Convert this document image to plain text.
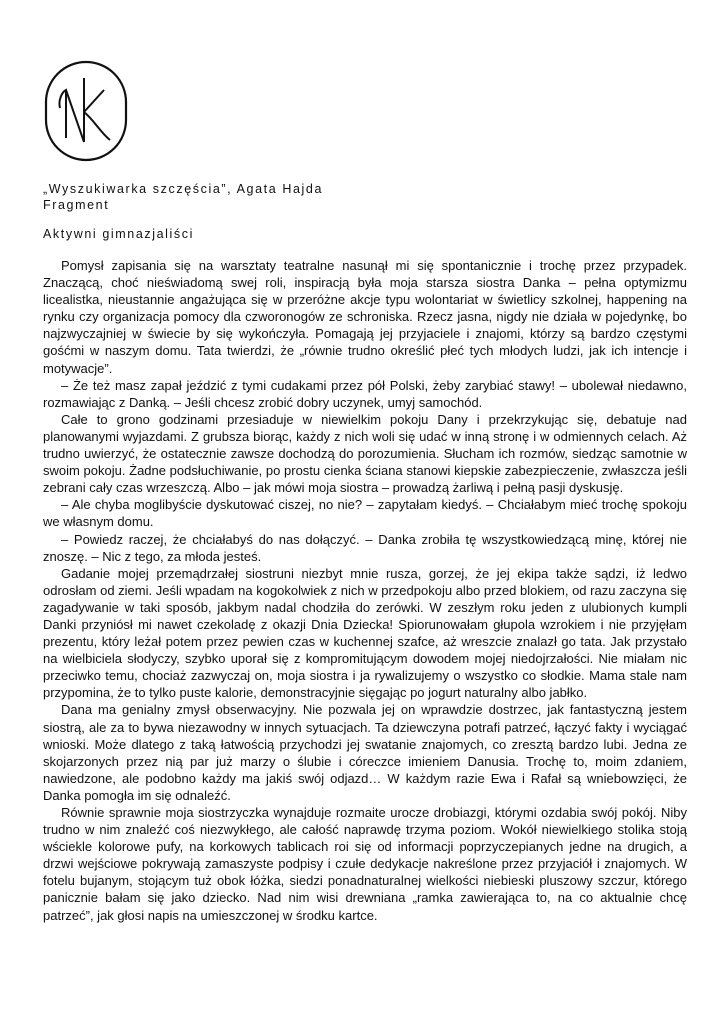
„Wyszukiwarka szczęścia”, Agata Hajda
Fragment
Aktywni gimnazjaliści

Pomysł zapisania się na warsztaty teatralne nasunął mi się spontanicznie i trochę przez przypadek. Znaczącą, choć nieświadomą swej roli, inspiracją była moja starsza siostra Danka – pełna optymizmu licealistka, nieustannie angażująca się w przeróżne akcje typu wolontariat w świetlicy szkolnej, happening na rynku czy organizacja pomocy dla czworonogów ze schroniska. Rzecz jasna, nigdy nie działa w pojedynkę, bo najzwyczajniej w świecie by się wykończyła. Pomagają jej przyjaciele i znajomi, którzy są bardzo częstymi gośćmi w naszym domu. Tata twierdzi, że „równie trudno określić płeć tych młodych ludzi, jak ich intencje i motywacje”.

– Że też masz zapał jeździć z tymi cudakami przez pół Polski, żeby zarybiać stawy! – ubolewał niedawno, rozmawiając z Danką. – Jeśli chcesz zrobić dobry uczynek, umyj samochód.

Całe to grono godzinami przesiaduje w niewielkim pokoju Dany i przekrzykując się, debatuje nad planowanymi wyjazdami. Z grubsza biorąc, każdy z nich woli się udać w inną stronę i w odmiennych celach. Aż trudno uwierzyć, że ostatecznie zawsze dochodzą do porozumienia. Słucham ich rozmów, siedząc samotnie w swoim pokoju. Żadne podsłuchiwanie, po prostu cienka ściana stanowi kiepskie zabezpieczenie, zwłaszcza jeśli zebrani cały czas wrzeszczą. Albo – jak mówi moja siostra – prowadzą żarliwą i pełną pasji dyskusję.

– Ale chyba moglibyście dyskutować ciszej, no nie? – zapytałam kiedyś. – Chciałabym mieć trochę spokoju we własnym domu.

– Powiedz raczej, że chciałabyś do nas dołączyć. – Danka zrobiła tę wszystkowiedzącą minę, której nie znoszę. – Nic z tego, za młoda jesteś.

Gadanie mojej przemądrzałej siostruni niezbyt mnie rusza, gorzej, że jej ekipa także sądzi, iż ledwo odrosłam od ziemi. Jeśli wpadam na kogokolwiek z nich w przedpokoju albo przed blokiem, od razu zaczyna się zagadywanie w taki sposób, jakbym nadal chodziła do zerówki. W zeszłym roku jeden z ulubionych kumpli Danki przyniósł mi nawet czekoladę z okazji Dnia Dziecka! Spiorunowałam głupola wzrokiem i nie przyjęłam prezentu, który leżał potem przez pewien czas w kuchennej szafce, aż wreszcie znalazł go tata. Jak przystało na wielbiciela słodyczy, szybko uporał się z kompromitującym dowodem mojej niedojrzałości. Nie miałam nic przeciwko temu, chociaż zazwyczaj on, moja siostra i ja rywalizujemy o wszystko co słodkie. Mama stale nam przypomina, że to tylko puste kalorie, demonstracyjnie sięgając po jogurt naturalny albo jabłko.

Dana ma genialny zmysł obserwacyjny. Nie pozwala jej on wprawdzie dostrzec, jak fantastyczną jestem siostrą, ale za to bywa niezawodny w innych sytuacjach. Ta dziewczyna potrafi patrzeć, łączyć fakty i wyciągać wnioski. Może dlatego z taką łatwością przychodzi jej swatanie znajomych, co zresztą bardzo lubi. Jedna ze skojarzonych przez nią par już marzy o ślubie i córeczce imieniem Danusia. Trochę to, moim zdaniem, nawiedzone, ale podobno każdy ma jakiś swój odjazd… W każdym razie Ewa i Rafał są wniebowzięci, że Danka pomogła im się odnaleźć.

Równie sprawnie moja siostrzyczka wynajduje rozmaite urocze drobiazgi, którymi ozdabia swój pokój. Niby trudno w nim znaleźć coś niezwykłego, ale całość naprawdę trzyma poziom. Wokół niewielkiego stolika stoją wściekle kolorowe pufy, na korkowych tablicach roi się od informacji poprzyczepianych jedne na drugich, a drzwi wejściowe pokrywają zamaszyste podpisy i czułe dedykacje nakreślone przez przyjaciół i znajomych. W fotelu bujanym, stojącym tuż obok łóżka, siedzi ponadnaturalnej wielkości niebieski pluszowy szczur, którego panicznie bałam się jako dziecko. Nad nim wisi drewniana „ramka zawierająca to, na co aktualnie chcę patrzeć”, jak głosi napis na umieszczonej w środku kartce.
